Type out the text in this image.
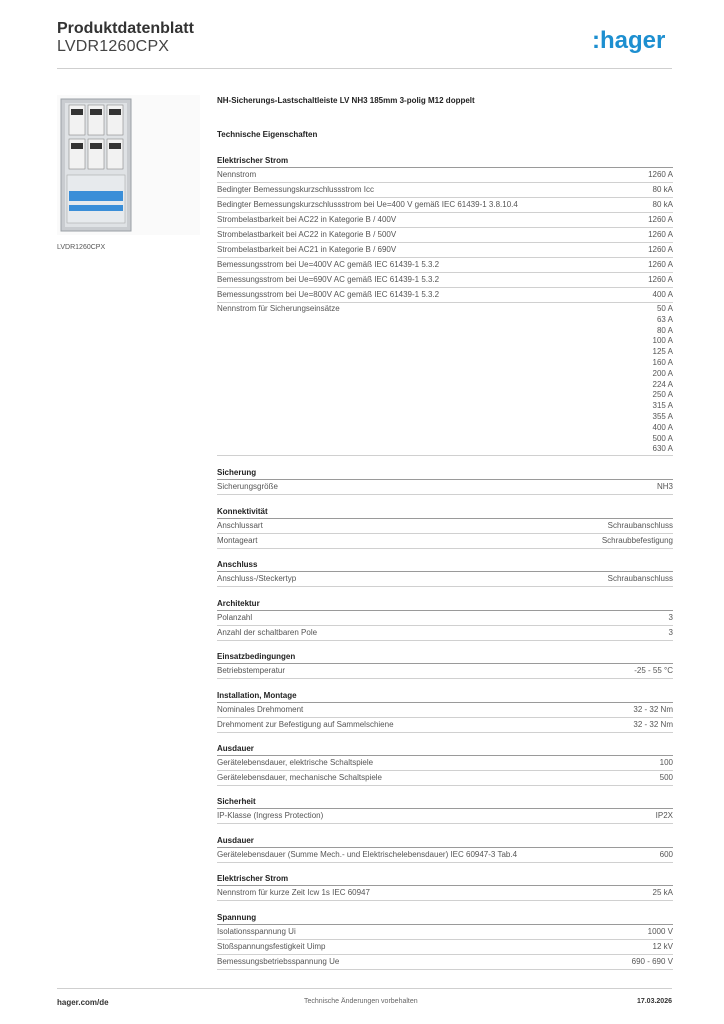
Produktdatenblatt
LVDR1260CPX	:hager
LVDR1260CPX
NH-Sicherungs-Lastschaltleiste LV NH3 185mm 3-polig M12 doppelt
Technische Eigenschaften
Elektrischer Strom
Nennstrom	1260 A
Bedingter Bemessungskurzschlussstrom Icc	80 kA
Bedingter Bemessungskurzschlussstrom bei Ue=400 V gemäß IEC 61439-1 3.8.10.4	80 kA
Strombelastbarkeit bei AC22 in Kategorie B / 400V	1260 A
Strombelastbarkeit bei AC22 in Kategorie B / 500V	1260 A
Strombelastbarkeit bei AC21 in Kategorie B / 690V	1260 A
Bemessungsstrom bei Ue=400V AC gemäß IEC 61439-1 5.3.2	1260 A
Bemessungsstrom bei Ue=690V AC gemäß IEC 61439-1 5.3.2	1260 A
Bemessungsstrom bei Ue=800V AC gemäß IEC 61439-1 5.3.2	400 A
Nennstrom für Sicherungseinsätze	50 A
63 A
80 A
100 A
125 A
160 A
200 A
224 A
250 A
315 A
355 A
400 A
500 A
630 A
Sicherung
Sicherungsgröße	NH3
Konnektivität
Anschlussart	Schraubanschluss
Montageart	Schraubbefestigung
Anschluss
Anschluss-/Steckertyp	Schraubanschluss
Architektur
Polanzahl	3
Anzahl der schaltbaren Pole	3
Einsatzbedingungen
Betriebstemperatur	-25 - 55 °C
Installation, Montage
Nominales Drehmoment	32 - 32 Nm
Drehmoment zur Befestigung auf Sammelschiene	32 - 32 Nm
Ausdauer
Gerätelebensdauer, elektrische Schaltspiele	100
Gerätelebensdauer, mechanische Schaltspiele	500
Sicherheit
IP-Klasse (Ingress Protection)	IP2X
Ausdauer
Gerätelebensdauer (Summe Mech.- und Elektrischelebensdauer) IEC 60947-3 Tab.4	600
Elektrischer Strom
Nennstrom für kurze Zeit Icw 1s IEC 60947	25 kA
Spannung
Isolationsspannung Ui	1000 V
Stoßspannungsfestigkeit Uimp	12 kV
Bemessungsbetriebsspannung Ue	690 - 690 V
hager.com/de	Technische Änderungen vorbehalten	17.03.2026
